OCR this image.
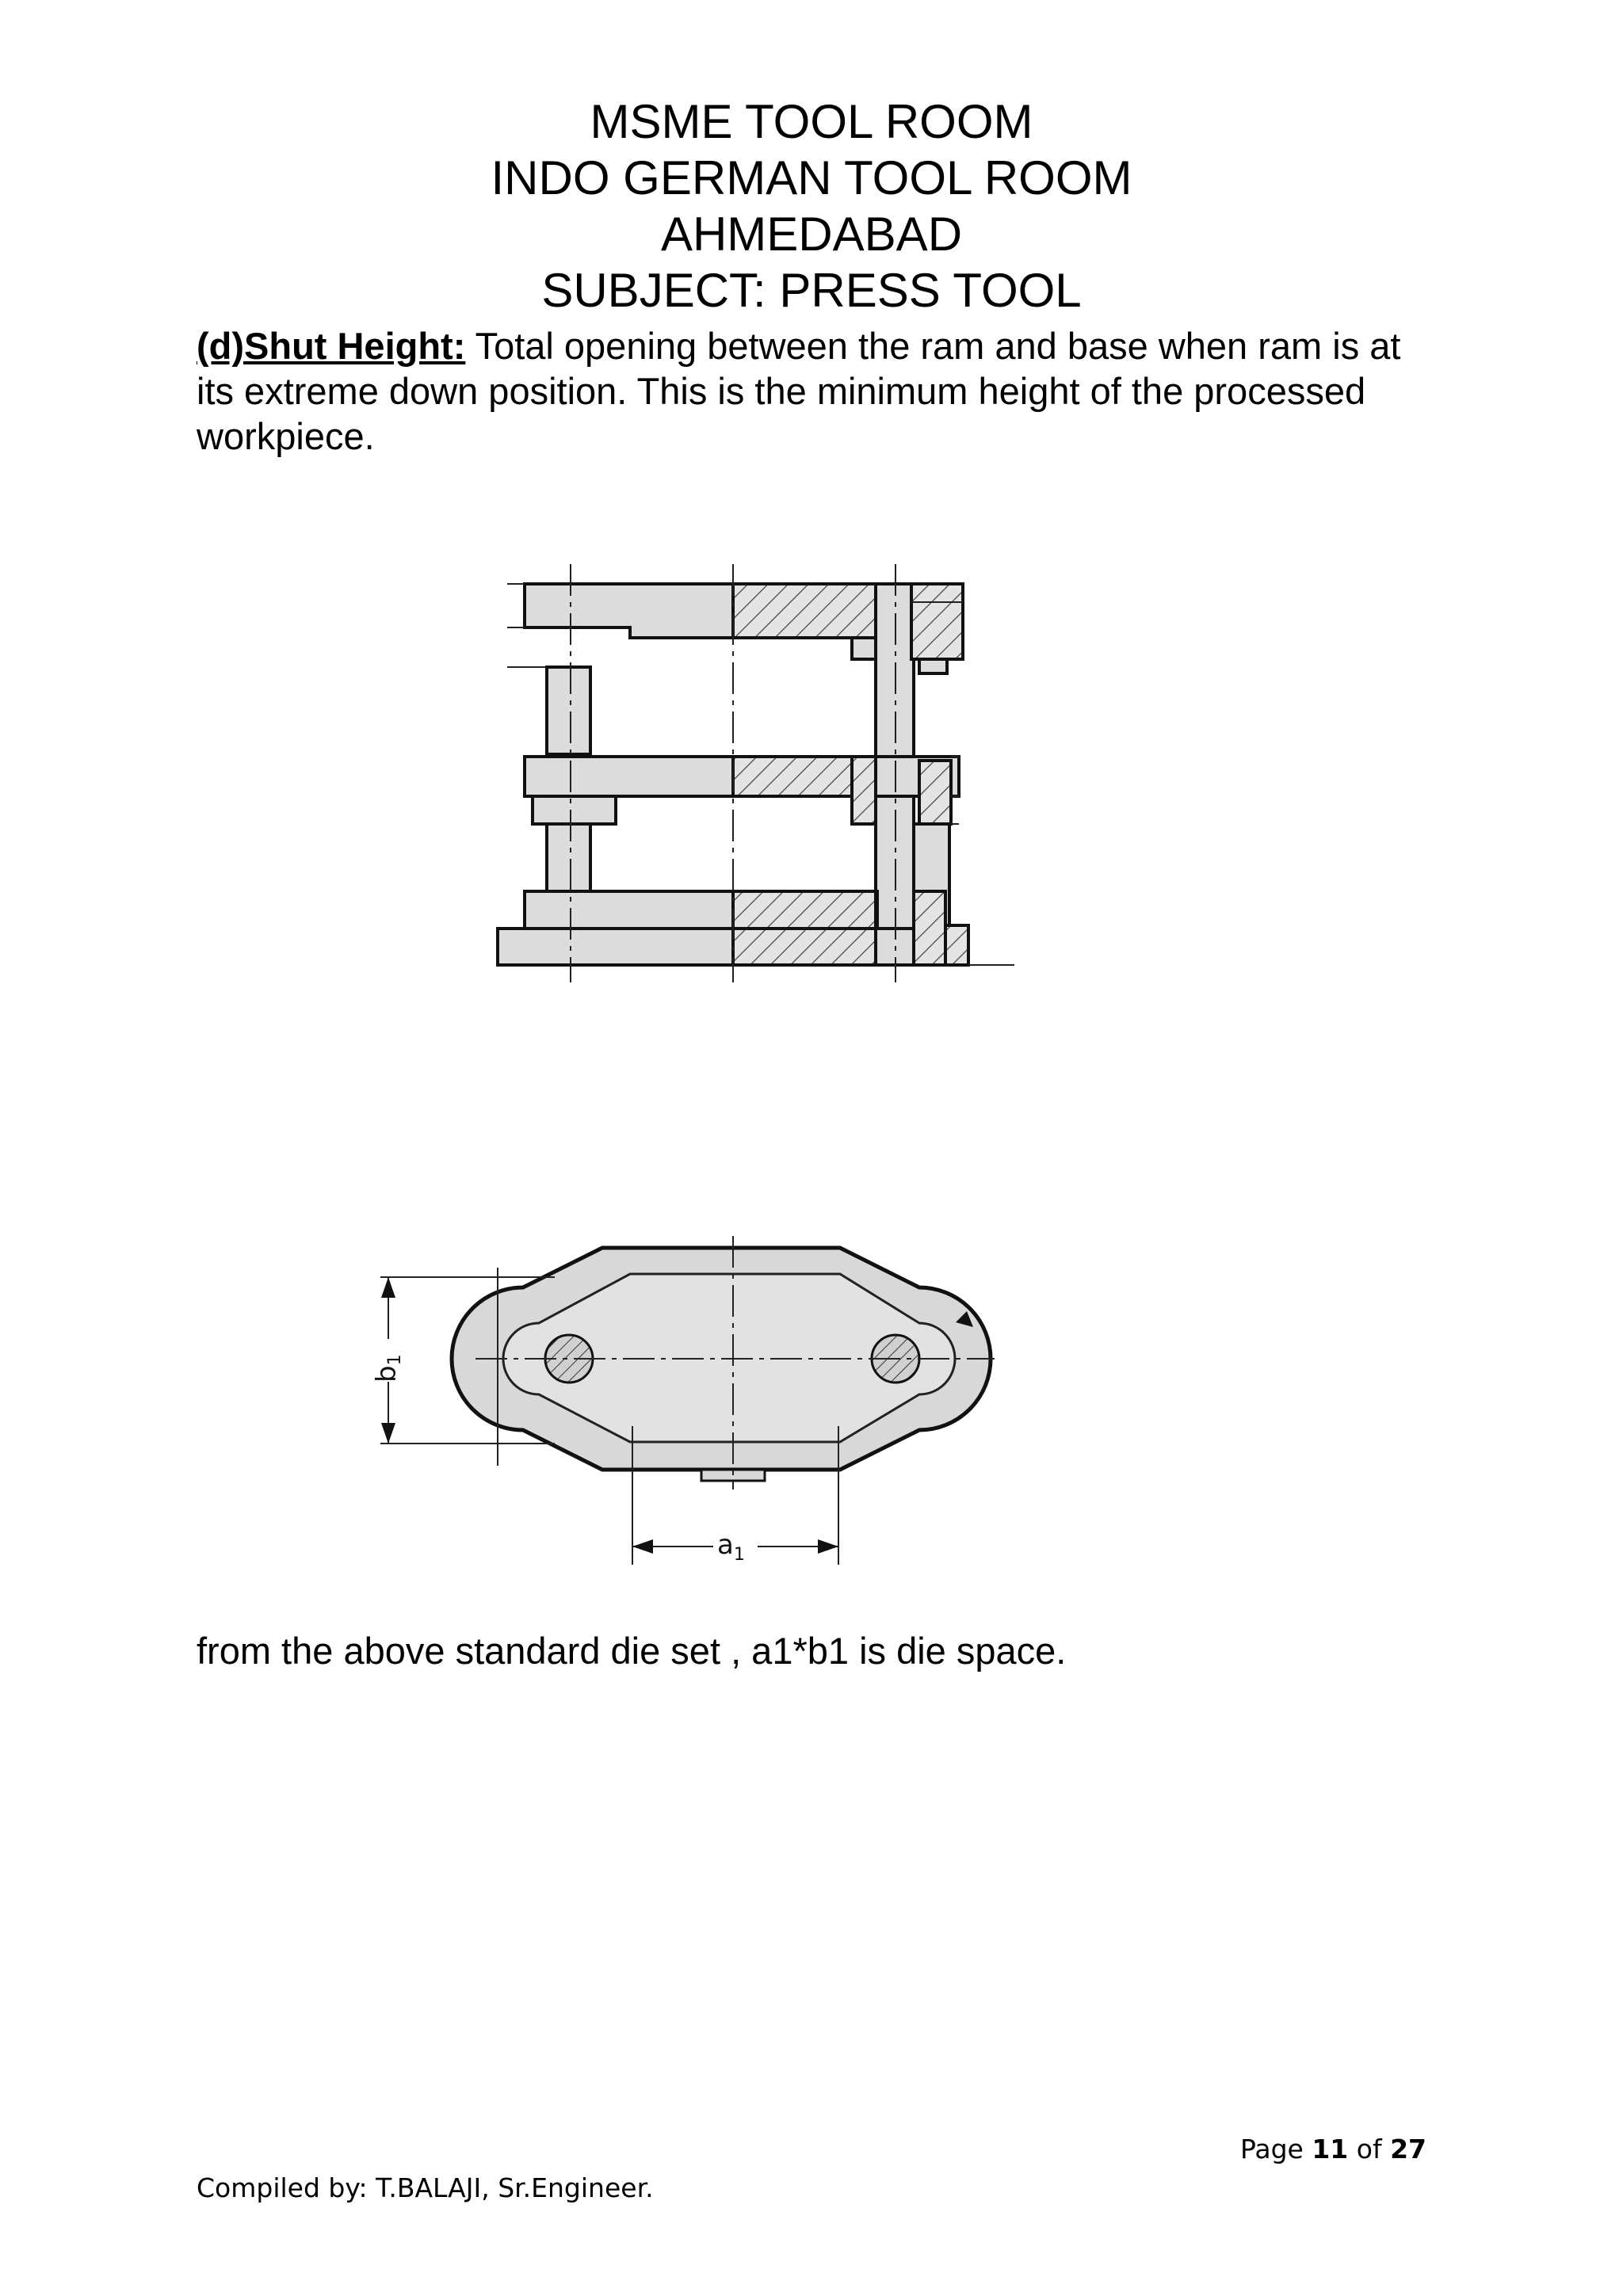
MSME TOOL ROOM
INDO GERMAN TOOL ROOM
AHMEDABAD
SUBJECT: PRESS TOOL
(d)Shut Height: Total opening between the ram and base when ram is at its extreme down position. This is the minimum height of the processed workpiece.
b1
$a_1$
from the above standard die set , a1*b1 is die space.
Page 11 of 27
Compiled by: T.BALAJI, Sr.Engineer.
